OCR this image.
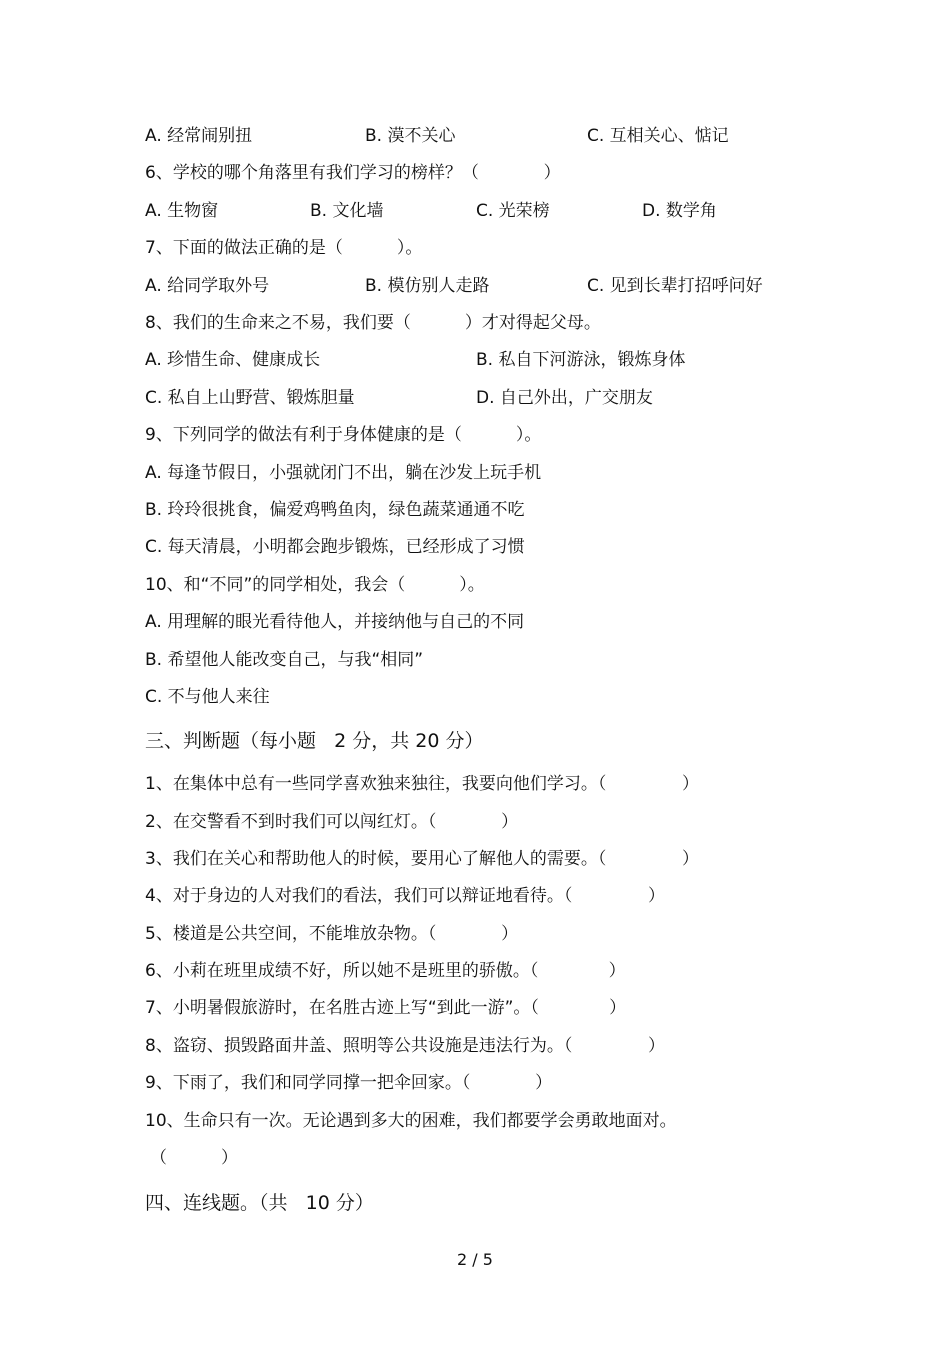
A. 经常闹别扭	B. 漠不关心	C. 互相关心、惦记
6、学校的哪个角落里有我们学习的榜样？（            ）
A. 生物窗	B. 文化墙	C. 光荣榜	D. 数学角
7、下面的做法正确的是（          ）。
A. 给同学取外号	B. 模仿别人走路	C. 见到长辈打招呼问好
8、我们的生命来之不易，我们要（          ）才对得起父母。
A. 珍惜生命、健康成长	B. 私自下河游泳，锻炼身体
C. 私自上山野营、锻炼胆量	D. 自己外出，广交朋友
9、下列同学的做法有利于身体健康的是（          ）。
A. 每逢节假日，小强就闭门不出，躺在沙发上玩手机
B. 玲玲很挑食，偏爱鸡鸭鱼肉，绿色蔬菜通通不吃
C. 每天清晨，小明都会跑步锻炼，已经形成了习惯
10、和“不同”的同学相处，我会（          ）。
A. 用理解的眼光看待他人，并接纳他与自己的不同
B. 希望他人能改变自己，与我“相同”
C. 不与他人来往
三、判断题（每小题   2 分，共 20 分）
1、在集体中总有一些同学喜欢独来独往，我要向他们学习。（              ）
2、在交警看不到时我们可以闯红灯。（            ）
3、我们在关心和帮助他人的时候，要用心了解他人的需要。（              ）
4、对于身边的人对我们的看法，我们可以辩证地看待。（              ）
5、楼道是公共空间，不能堆放杂物。（            ）
6、小莉在班里成绩不好，所以她不是班里的骄傲。（             ）
7、小明暑假旅游时，在名胜古迹上写“到此一游”。（             ）
8、盗窃、损毁路面井盖、照明等公共设施是违法行为。（              ）
9、下雨了，我们和同学同撑一把伞回家。（            ）
10、生命只有一次。无论遇到多大的困难，我们都要学会勇敢地面对。
（          ）
四、连线题。（共   10 分）
2 / 5
